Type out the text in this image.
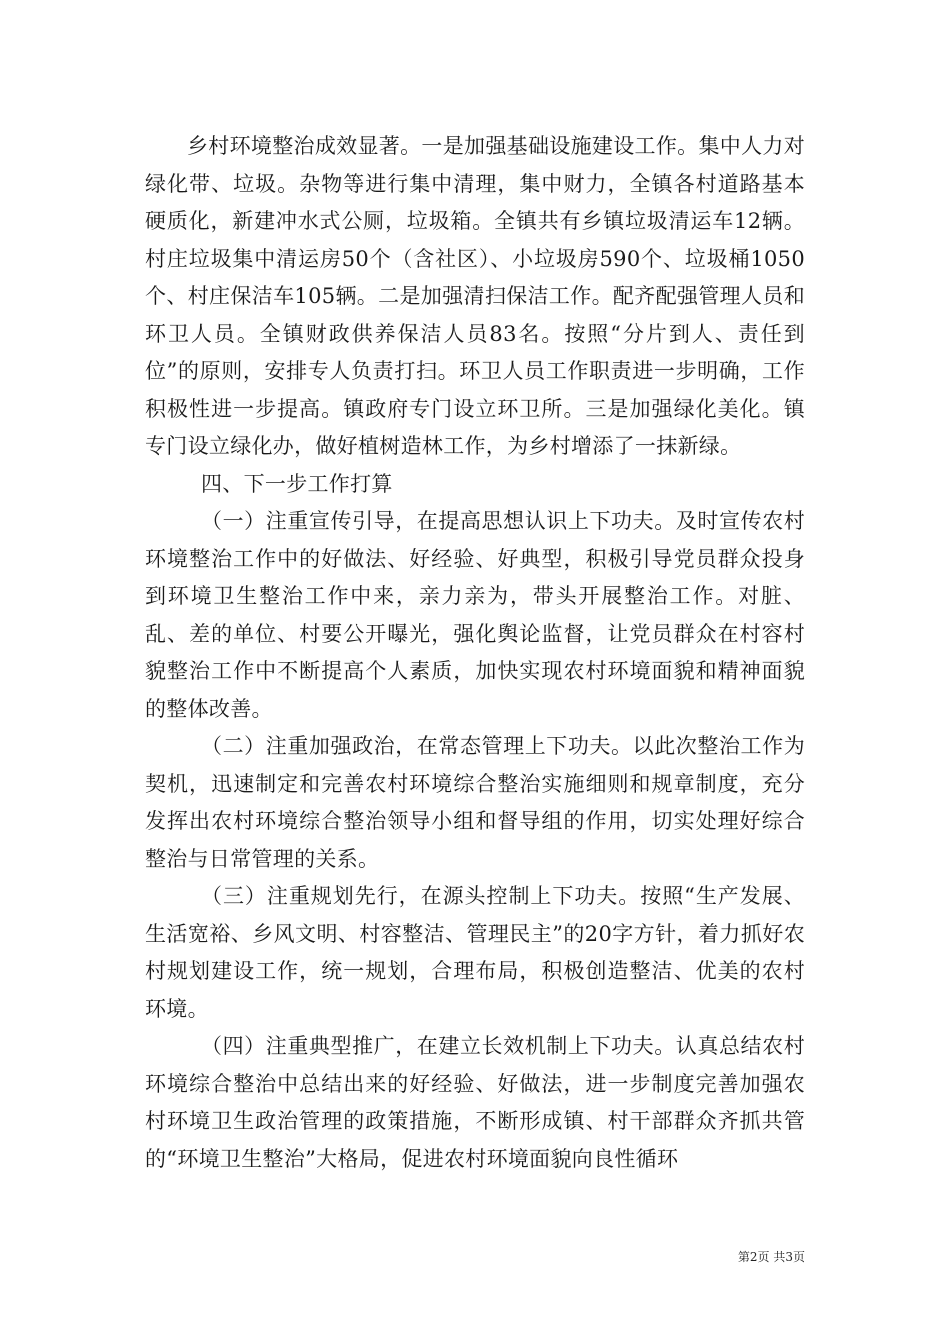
乡村环境整治成效显著。一是加强基础设施建设工作。集中人力对绿化带、垃圾。杂物等进行集中清理，集中财力，全镇各村道路基本硬质化，新建冲水式公厕，垃圾箱。全镇共有乡镇垃圾清运车12辆。村庄垃圾集中清运房50个（含社区）、小垃圾房590个、垃圾桶1050个、村庄保洁车105辆。二是加强清扫保洁工作。配齐配强管理人员和环卫人员。全镇财政供养保洁人员83名。按照“分片到人、责任到位”的原则，安排专人负责打扫。环卫人员工作职责进一步明确，工作积极性进一步提高。镇政府专门设立环卫所。三是加强绿化美化。镇专门设立绿化办，做好植树造林工作，为乡村增添了一抹新绿。

四、下一步工作打算

（一）注重宣传引导，在提高思想认识上下功夫。及时宣传农村环境整治工作中的好做法、好经验、好典型，积极引导党员群众投身到环境卫生整治工作中来，亲力亲为，带头开展整治工作。对脏、乱、差的单位、村要公开曝光，强化舆论监督，让党员群众在村容村貌整治工作中不断提高个人素质，加快实现农村环境面貌和精神面貌的整体改善。

（二）注重加强政治，在常态管理上下功夫。以此次整治工作为契机，迅速制定和完善农村环境综合整治实施细则和规章制度，充分发挥出农村环境综合整治领导小组和督导组的作用，切实处理好综合整治与日常管理的关系。

（三）注重规划先行，在源头控制上下功夫。按照“生产发展、生活宽裕、乡风文明、村容整洁、管理民主”的20字方针，着力抓好农村规划建设工作，统一规划，合理布局，积极创造整洁、优美的农村环境。

（四）注重典型推广，在建立长效机制上下功夫。认真总结农村环境综合整治中总结出来的好经验、好做法，进一步制度完善加强农村环境卫生政治管理的政策措施，不断形成镇、村干部群众齐抓共管的“环境卫生整治”大格局，促进农村环境面貌向良性循环

第2页 共3页
